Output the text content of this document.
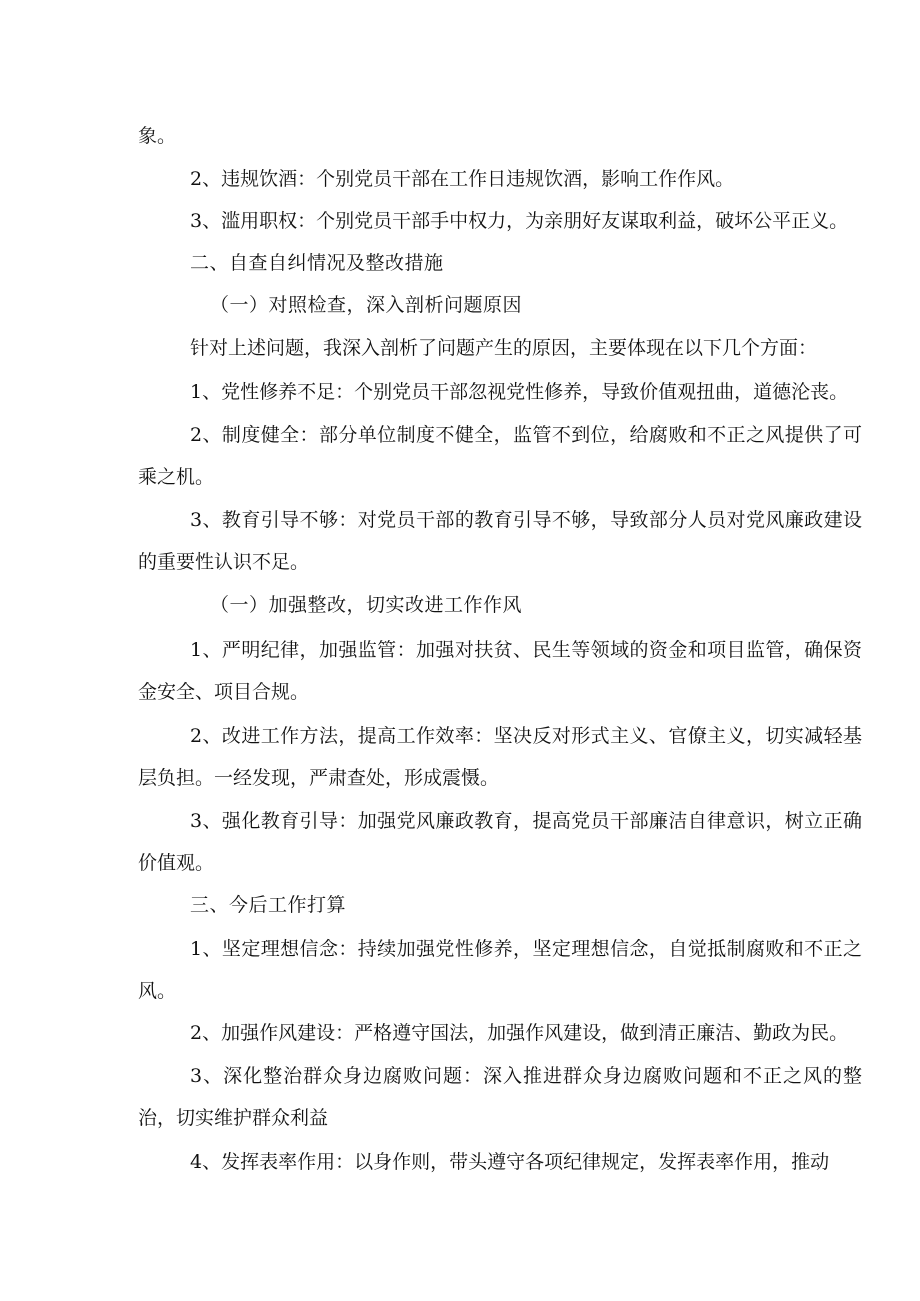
象。

2、违规饮酒：个别党员干部在工作日违规饮酒，影响工作作风。

3、滥用职权：个别党员干部手中权力，为亲朋好友谋取利益，破坏公平正义。

二、自查自纠情况及整改措施

（一）对照检查，深入剖析问题原因

针对上述问题，我深入剖析了问题产生的原因，主要体现在以下几个方面：

1、党性修养不足：个别党员干部忽视党性修养，导致价值观扭曲，道德沦丧。

2、制度健全：部分单位制度不健全，监管不到位，给腐败和不正之风提供了可乘之机。

3、教育引导不够：对党员干部的教育引导不够，导致部分人员对党风廉政建设的重要性认识不足。

（一）加强整改，切实改进工作作风

1、严明纪律，加强监管：加强对扶贫、民生等领域的资金和项目监管，确保资金安全、项目合规。

2、改进工作方法，提高工作效率：坚决反对形式主义、官僚主义，切实减轻基层负担。一经发现，严肃查处，形成震慑。

3、强化教育引导：加强党风廉政教育，提高党员干部廉洁自律意识，树立正确价值观。

三、今后工作打算

1、坚定理想信念：持续加强党性修养，坚定理想信念，自觉抵制腐败和不正之风。

2、加强作风建设：严格遵守国法，加强作风建设，做到清正廉洁、勤政为民。

3、深化整治群众身边腐败问题：深入推进群众身边腐败问题和不正之风的整治，切实维护群众利益

4、发挥表率作用：以身作则，带头遵守各项纪律规定，发挥表率作用，推动
